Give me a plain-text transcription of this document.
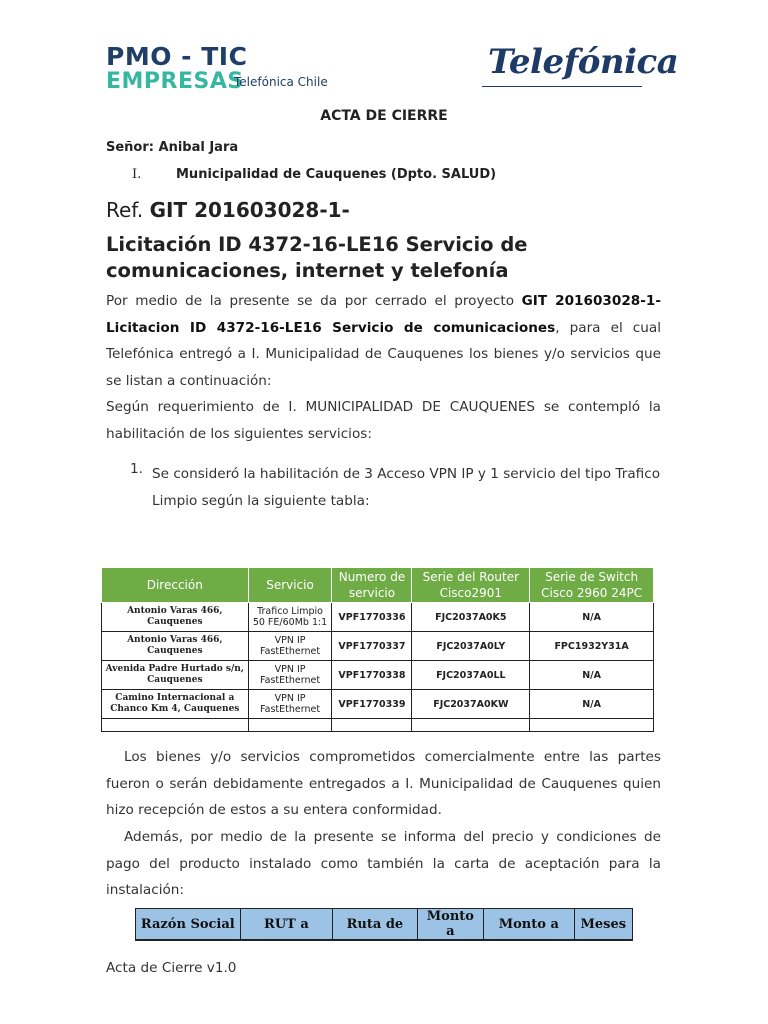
PMO - TIC
EMPRESAS
Telefónica Chile	Telefónica
ACTA DE CIERRE
Señor: Anibal Jara
I.	Municipalidad de Cauquenes (Dpto. SALUD)
Ref. GIT 201603028-1-
Licitación ID 4372-16-LE16 Servicio de comunicaciones, internet y telefonía
Por medio de la presente se da por cerrado el proyecto GIT 201603028-1-Licitacion ID 4372-16-LE16 Servicio de comunicaciones, para el cual Telefónica entregó a I. Municipalidad de Cauquenes los bienes y/o servicios que se listan a continuación:
Según requerimiento de I. MUNICIPALIDAD DE CAUQUENES se contempló la habilitación de los siguientes servicios:
1. Se consideró la habilitación de 3 Acceso VPN IP y 1 servicio del tipo Trafico Limpio según la siguiente tabla:
Dirección	Servicio	Numero de servicio	Serie del Router Cisco2901	Serie de Switch Cisco 2960 24PC
Antonio Varas 466, Cauquenes	Trafico Limpio 50 FE/60Mb 1:1	VPF1770336	FJC2037A0K5	N/A
Antonio Varas 466, Cauquenes	VPN IP FastEthernet	VPF1770337	FJC2037A0LY	FPC1932Y31A
Avenida Padre Hurtado s/n, Cauquenes	VPN IP FastEthernet	VPF1770338	FJC2037A0LL	N/A
Camino Internacional a Chanco Km 4, Cauquenes	VPN IP FastEthernet	VPF1770339	FJC2037A0KW	N/A

Los bienes y/o servicios comprometidos comercialmente entre las partes fueron o serán debidamente entregados a I. Municipalidad de Cauquenes quien hizo recepción de estos a su entera conformidad.
Además, por medio de la presente se informa del precio y condiciones de pago del producto instalado como también la carta de aceptación para la instalación:
Razón Social	RUT a	Ruta de	Monto a	Monto a	Meses
Acta de Cierre v1.0
